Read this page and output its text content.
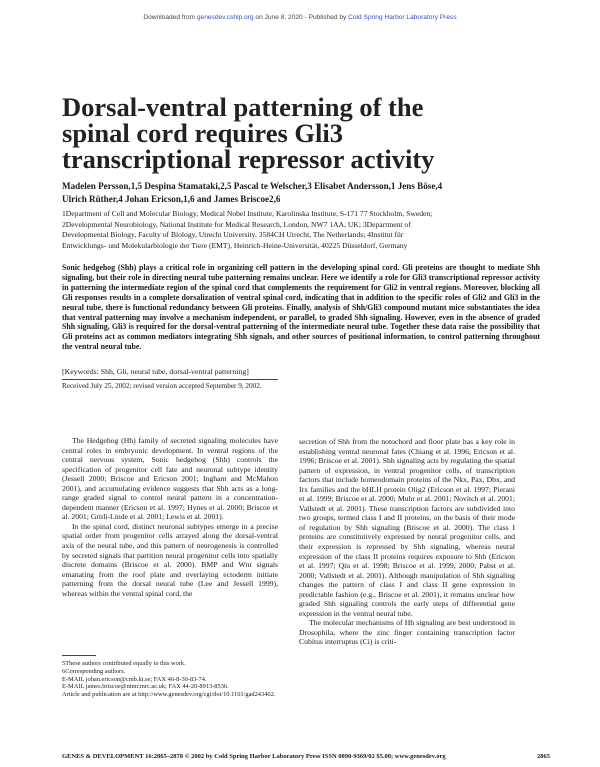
Downloaded from genesdev.cshlp.org on June 8, 2020 - Published by Cold Spring Harbor Laboratory Press
Dorsal-ventral patterning of the spinal cord requires Gli3 transcriptional repressor activity
Madelen Persson,1,5 Despina Stamataki,2,5 Pascal te Welscher,3 Elisabet Andersson,1 Jens Böse,4
Ulrich Rüther,4 Johan Ericson,1,6 and James Briscoe2,6
1Department of Cell and Molecular Biology, Medical Nobel Institute, Karolinska Institute, S-171 77 Stockholm, Sweden;
2Developmental Neurobiology, National Institute for Medical Research, London, NW7 1AA, UK; 3Department of
Developmental Biology, Faculty of Biology, Utrecht University, 3584CH Utrecht, The Netherlands; 4Institut für
Entwicklungs- und Molekularbiologie der Tiere (EMT), Heinrich-Heine-Universität, 40225 Düsseldorf, Germany
Sonic hedgehog (Shh) plays a critical role in organizing cell pattern in the developing spinal cord. Gli proteins are thought to mediate Shh signaling, but their role in directing neural tube patterning remains unclear. Here we identify a role for Gli3 transcriptional repressor activity in patterning the intermediate region of the spinal cord that complements the requirement for Gli2 in ventral regions. Moreover, blocking all Gli responses results in a complete dorsalization of ventral spinal cord, indicating that in addition to the specific roles of Gli2 and Gli3 in the neural tube, there is functional redundancy between Gli proteins. Finally, analysis of Shh/Gli3 compound mutant mice substantiates the idea that ventral patterning may involve a mechanism independent, or parallel, to graded Shh signaling. However, even in the absence of graded Shh signaling, Gli3 is required for the dorsal-ventral patterning of the intermediate neural tube. Together these data raise the possibility that Gli proteins act as common mediators integrating Shh signals, and other sources of positional information, to control patterning throughout the ventral neural tube.
[Keywords: Shh, Gli, neural tube, dorsal-ventral patterning]
Received July 25, 2002; revised version accepted September 9, 2002.

The Hedgehog (Hh) family of secreted signaling molecules have central roles in embryonic development. In ventral regions of the central nervous system, Sonic hedgehog (Shh) controls the specification of progenitor cell fate and neuronal subtype identity (Jessell 2000; Briscoe and Ericson 2001; Ingham and McMahon 2001), and accumulating evidence suggests that Shh acts as a long-range graded signal to control neural pattern in a concentration-dependent manner (Ericson et al. 1997; Hynes et al. 2000; Briscoe et al. 2001; Gritli-Linde et al. 2001; Lewis et al. 2001).

In the spinal cord, distinct neuronal subtypes emerge in a precise spatial order from progenitor cells arrayed along the dorsal-ventral axis of the neural tube, and this pattern of neurogenesis is controlled by secreted signals that partition neural progenitor cells into spatially discrete domains (Briscoe et al. 2000). BMP and Wnt signals emanating from the roof plate and overlaying ectoderm initiate patterning from the dorsal neural tube (Lee and Jessell 1999), whereas within the ventral spinal cord, the

secretion of Shh from the notochord and floor plate has a key role in establishing ventral neuronal fates (Chiang et al. 1996; Ericson et al. 1996; Briscoe et al. 2001). Shh signaling acts by regulating the spatial pattern of expression, in ventral progenitor cells, of transcription factors that include homeodomain proteins of the Nkx, Pax, Dbx, and Irx families and the bHLH protein Olig2 (Ericson et al. 1997; Pierani et al. 1999; Briscoe et al. 2000; Muhr et al. 2001; Novitch et al. 2001; Vallstedt et al. 2001). These transcription factors are subdivided into two groups, termed class I and II proteins, on the basis of their mode of regulation by Shh signaling (Briscoe et al. 2000). The class I proteins are constitutively expressed by neural progenitor cells, and their expression is repressed by Shh signaling, whereas neural expression of the class II proteins requires exposure to Shh (Ericson et al. 1997; Qiu et al. 1998; Briscoe et al. 1999, 2000; Pabst et al. 2000; Vallstedt et al. 2001). Although manipulation of Shh signaling changes the pattern of class I and class II gene expression in predictable fashion (e.g., Briscoe et al. 2001), it remains unclear how graded Shh signaling controls the early steps of differential gene expression in the ventral neural tube.

The molecular mechanisms of Hh signaling are best understood in Drosophila, where the zinc finger containing transcription factor Cubitus interruptus (Ci) is criti-

5These authors contributed equally to this work.
6Corresponding authors.
E-MAIL johan.ericson@cmb.ki.se; FAX 46-8-30-83-74.
E-MAIL james.briscoe@nimr.mrc.ac.uk; FAX 44-20-8913-8536.
Article and publication are at http://www.genesdev.org/cgi/doi/10.1101/gad243402.
GENES & DEVELOPMENT 16:2865–2878 © 2002 by Cold Spring Harbor Laboratory Press ISSN 0890-9369/02 $5.00; www.genesdev.org	2865
